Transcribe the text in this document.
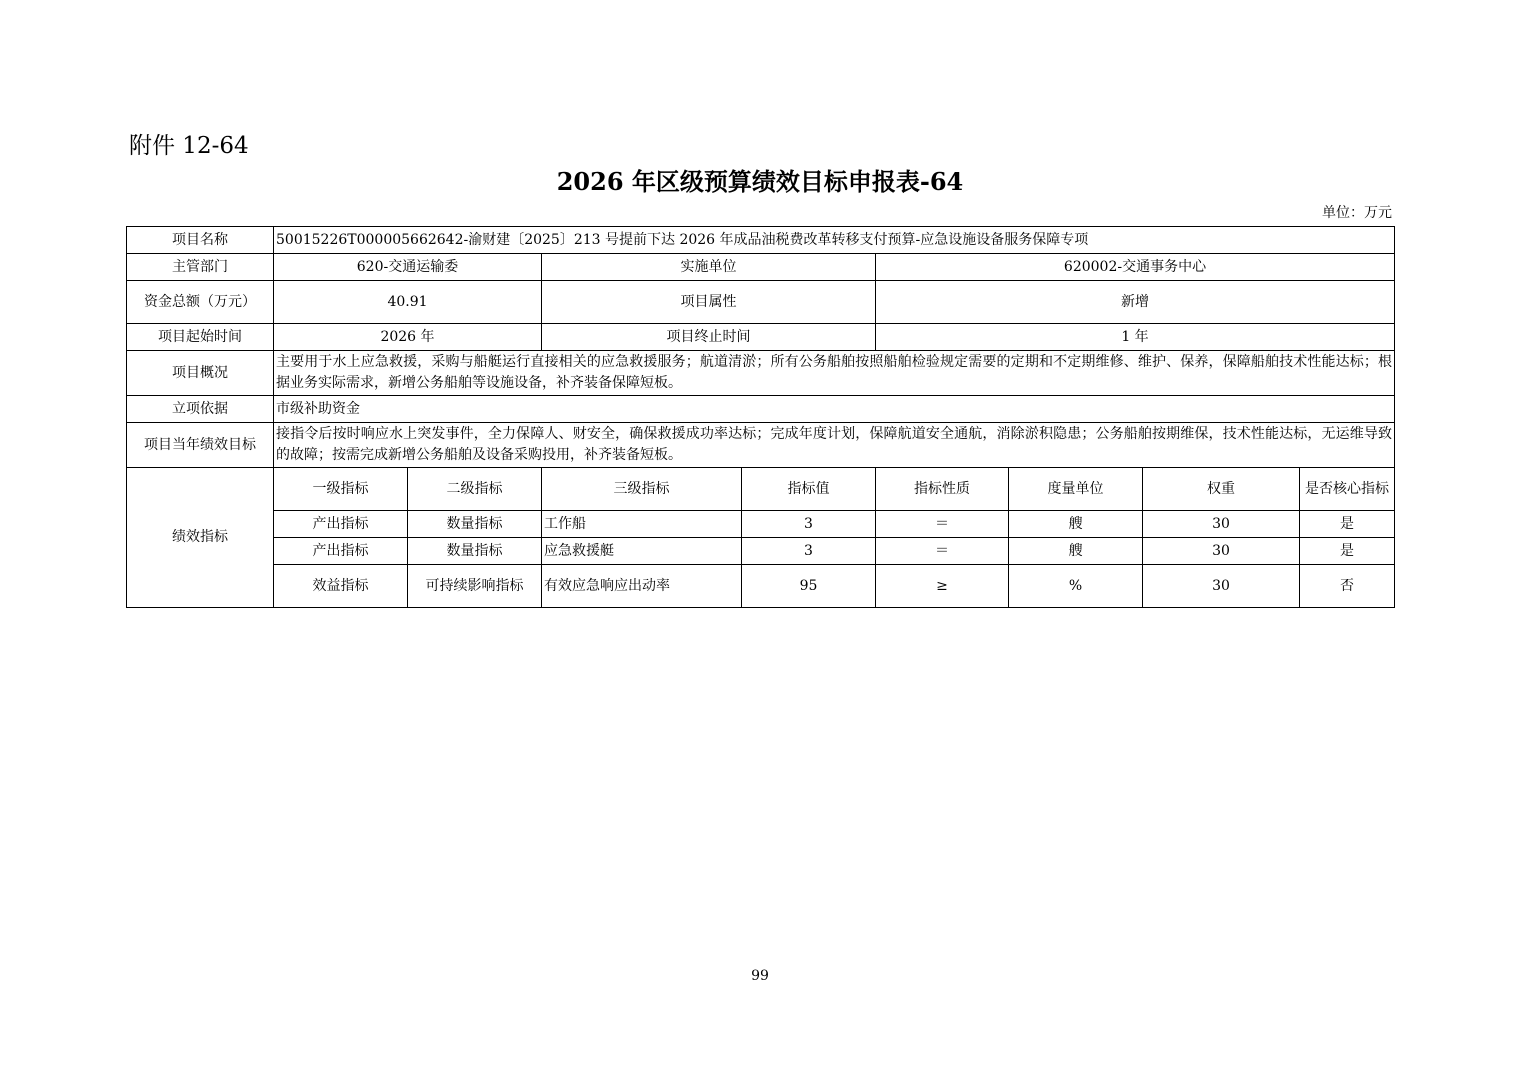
附件 12-64
2026 年区级预算绩效目标申报表-64
单位：万元
项目名称	50015226T000005662642-渝财建〔2025〕213 号提前下达 2026 年成品油税费改革转移支付预算-应急设施设备服务保障专项							
主管部门	620-交通运输委		实施单位		620002-交通事务中心			
资金总额（万元）	40.91		项目属性		新增			
项目起始时间	2026 年		项目终止时间		1 年			
项目概况	主要用于水上应急救援，采购与船艇运行直接相关的应急救援服务；航道清淤；所有公务船舶按照船舶检验规定需要的定期和不定期维修、维护、保养，保障船舶技术性能达标；根据业务实际需求，新增公务船舶等设施设备，补齐装备保障短板。							
立项依据	市级补助资金							
项目当年绩效目标	接指令后按时响应水上突发事件，全力保障人、财安全，确保救援成功率达标；完成年度计划，保障航道安全通航，消除淤积隐患；公务船舶按期维保，技术性能达标，无运维导致的故障；按需完成新增公务船舶及设备采购投用，补齐装备短板。							
绩效指标	一级指标	二级指标	三级指标	指标值	指标性质	度量单位	权重	是否核心指标
	产出指标	数量指标	工作船	3	＝	艘	30	是
	产出指标	数量指标	应急救援艇	3	＝	艘	30	是
	效益指标	可持续影响指标	有效应急响应出动率	95	≥	%	30	否
99
